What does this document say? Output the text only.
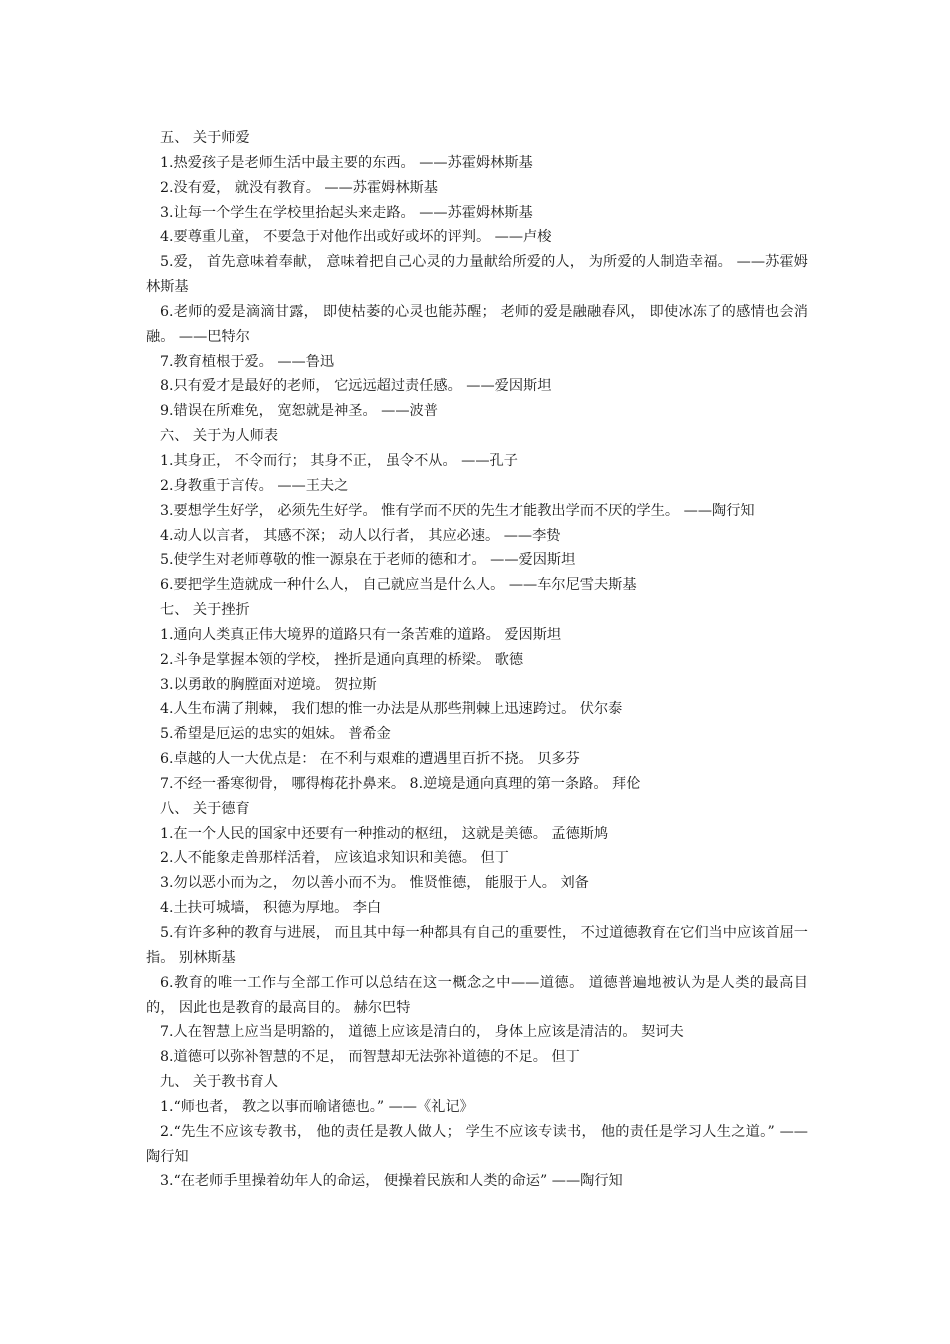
五、 关于师爱
1.热爱孩子是老师生活中最主要的东西。 ——苏霍姆林斯基
2.没有爱， 就没有教育。 ——苏霍姆林斯基
3.让每一个学生在学校里抬起头来走路。 ——苏霍姆林斯基
4.要尊重儿童， 不要急于对他作出或好或坏的评判。 ——卢梭
5.爱， 首先意味着奉献， 意味着把自己心灵的力量献给所爱的人， 为所爱的人制造幸福。 ——苏霍姆林斯基
6.老师的爱是滴滴甘露， 即使枯萎的心灵也能苏醒； 老师的爱是融融春风， 即使冰冻了的感情也会消融。 ——巴特尔
7.教育植根于爱。 ——鲁迅
8.只有爱才是最好的老师， 它远远超过责任感。 ——爱因斯坦
9.错误在所难免， 宽恕就是神圣。 ——波普
六、 关于为人师表
1.其身正， 不令而行； 其身不正， 虽令不从。 ——孔子
2.身教重于言传。 ——王夫之
3.要想学生好学， 必须先生好学。 惟有学而不厌的先生才能教出学而不厌的学生。 ——陶行知
4.动人以言者， 其感不深； 动人以行者， 其应必速。 ——李贽
5.使学生对老师尊敬的惟一源泉在于老师的德和才。 ——爱因斯坦
6.要把学生造就成一种什么人， 自己就应当是什么人。 ——车尔尼雪夫斯基
七、 关于挫折
1.通向人类真正伟大境界的道路只有一条苦难的道路。 爱因斯坦
2.斗争是掌握本领的学校， 挫折是通向真理的桥梁。 歌德
3.以勇敢的胸膛面对逆境。 贺拉斯
4.人生布满了荆棘， 我们想的惟一办法是从那些荆棘上迅速跨过。 伏尔泰
5.希望是厄运的忠实的姐妹。 普希金
6.卓越的人一大优点是： 在不利与艰难的遭遇里百折不挠。 贝多芬
7.不经一番寒彻骨， 哪得梅花扑鼻来。 8.逆境是通向真理的第一条路。 拜伦
八、 关于德育
1.在一个人民的国家中还要有一种推动的枢纽， 这就是美德。 孟德斯鸠
2.人不能象走兽那样活着， 应该追求知识和美德。 但丁
3.勿以恶小而为之， 勿以善小而不为。 惟贤惟德， 能服于人。 刘备
4.土扶可城墙， 积德为厚地。 李白
5.有许多种的教育与进展， 而且其中每一种都具有自己的重要性， 不过道德教育在它们当中应该首屈一指。 别林斯基
6.教育的唯一工作与全部工作可以总结在这一概念之中——道德。 道德普遍地被认为是人类的最高目的， 因此也是教育的最高目的。 赫尔巴特
7.人在智慧上应当是明豁的， 道德上应该是清白的， 身体上应该是清洁的。 契诃夫
8.道德可以弥补智慧的不足， 而智慧却无法弥补道德的不足。 但丁
九、 关于教书育人
1.“师也者， 教之以事而喻诸德也。” ——《礼记》
2.“先生不应该专教书， 他的责任是教人做人； 学生不应该专读书， 他的责任是学习人生之道。” ——陶行知
3.“在老师手里操着幼年人的命运， 便操着民族和人类的命运” ——陶行知
